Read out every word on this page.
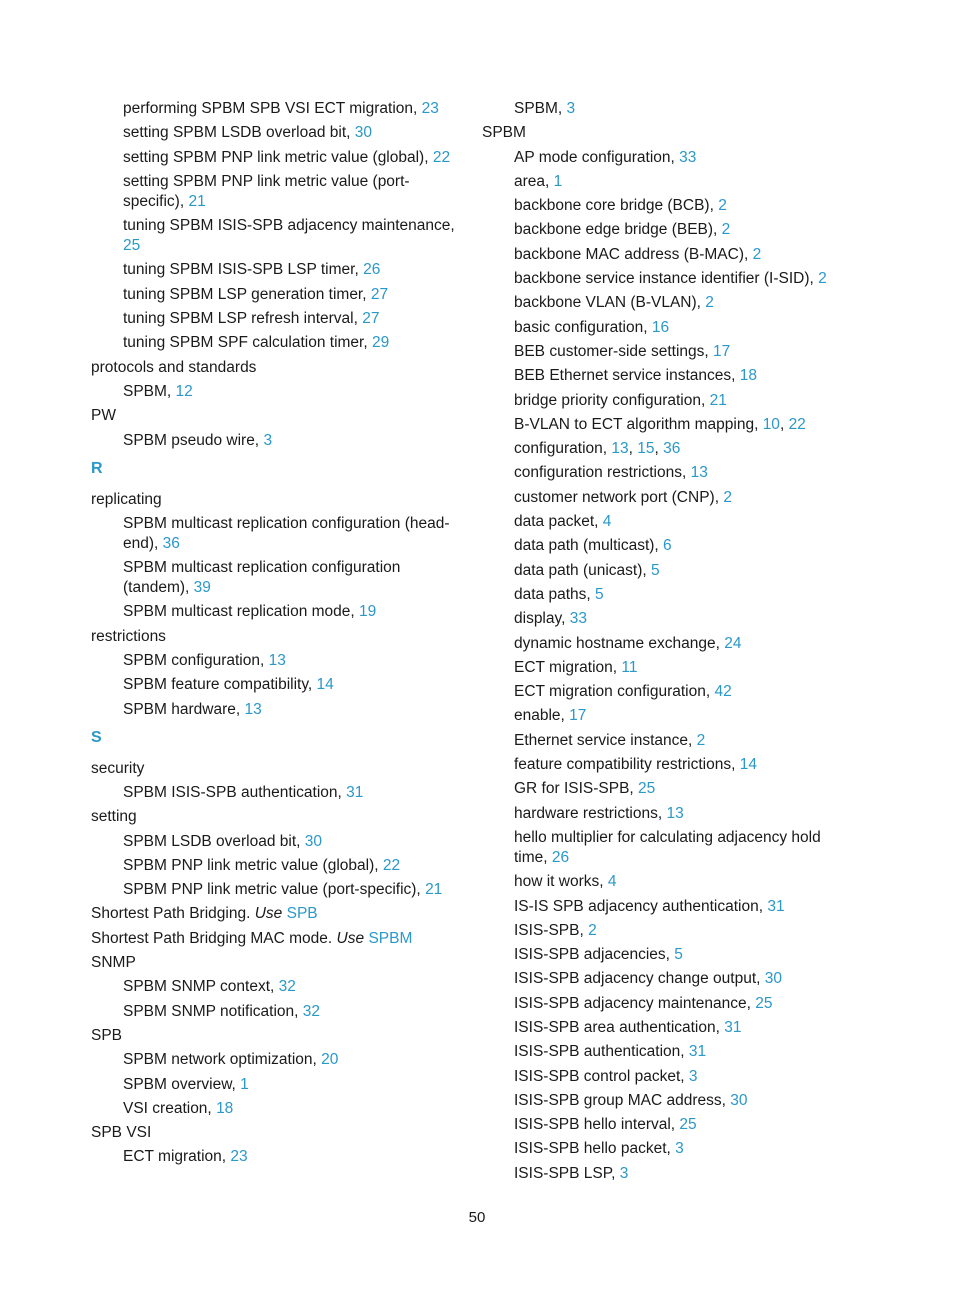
performing SPBM SPB VSI ECT migration, 23
setting SPBM LSDB overload bit, 30
setting SPBM PNP link metric value (global), 22
setting SPBM PNP link metric value (port-specific), 21
tuning SPBM ISIS-SPB adjacency maintenance, 25
tuning SPBM ISIS-SPB LSP timer, 26
tuning SPBM LSP generation timer, 27
tuning SPBM LSP refresh interval, 27
tuning SPBM SPF calculation timer, 29
protocols and standards
SPBM, 12
PW
SPBM pseudo wire, 3
R
replicating
SPBM multicast replication configuration (head-end), 36
SPBM multicast replication configuration (tandem), 39
SPBM multicast replication mode, 19
restrictions
SPBM configuration, 13
SPBM feature compatibility, 14
SPBM hardware, 13
S
security
SPBM ISIS-SPB authentication, 31
setting
SPBM LSDB overload bit, 30
SPBM PNP link metric value (global), 22
SPBM PNP link metric value (port-specific), 21
Shortest Path Bridging. Use SPB
Shortest Path Bridging MAC mode. Use SPBM
SNMP
SPBM SNMP context, 32
SPBM SNMP notification, 32
SPB
SPBM network optimization, 20
SPBM overview, 1
VSI creation, 18
SPB VSI
ECT migration, 23
SPBM, 3
SPBM
AP mode configuration, 33
area, 1
backbone core bridge (BCB), 2
backbone edge bridge (BEB), 2
backbone MAC address (B-MAC), 2
backbone service instance identifier (I-SID), 2
backbone VLAN (B-VLAN), 2
basic configuration, 16
BEB customer-side settings, 17
BEB Ethernet service instances, 18
bridge priority configuration, 21
B-VLAN to ECT algorithm mapping, 10, 22
configuration, 13, 15, 36
configuration restrictions, 13
customer network port (CNP), 2
data packet, 4
data path (multicast), 6
data path (unicast), 5
data paths, 5
display, 33
dynamic hostname exchange, 24
ECT migration, 11
ECT migration configuration, 42
enable, 17
Ethernet service instance, 2
feature compatibility restrictions, 14
GR for ISIS-SPB, 25
hardware restrictions, 13
hello multiplier for calculating adjacency hold time, 26
how it works, 4
IS-IS SPB adjacency authentication, 31
ISIS-SPB, 2
ISIS-SPB adjacencies, 5
ISIS-SPB adjacency change output, 30
ISIS-SPB adjacency maintenance, 25
ISIS-SPB area authentication, 31
ISIS-SPB authentication, 31
ISIS-SPB control packet, 3
ISIS-SPB group MAC address, 30
ISIS-SPB hello interval, 25
ISIS-SPB hello packet, 3
ISIS-SPB LSP, 3
50
